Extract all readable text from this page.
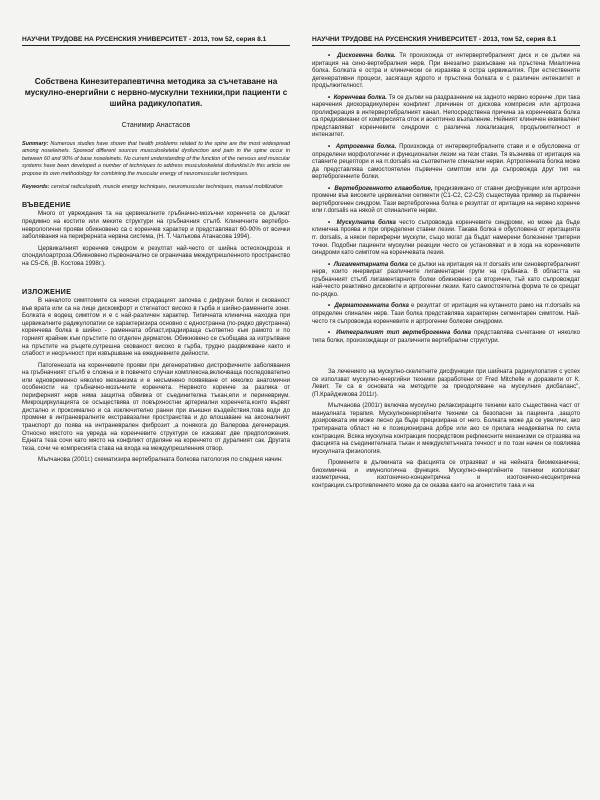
НАУЧНИ ТРУДОВЕ НА РУСЕНСКИЯ УНИВЕРСИТЕТ - 2013, том 52, серия 8.1
Собствена Кинезитерапевтична методика за съчетаване на мускулно-енергийни с нервно-мускулни техники,при пациенти с шийна радикулопатия.
Станимир Анастасов
Summary: Numerous studies have shown that health problems related to the spine are the most widespread among noseleinets. Sporeod different sources musculoskeletal dysfunction and pain in the spine occur in between 60 and 90% of base noseleinets. No current understanding of the function of the nervous and muscular systems have been developed a number of techniques to address musculoskeletal disfunktsii.In this article we propose its own methodology for combining the muscular energy of neuromuscular techniques.
Keywords: cervical radiculopath, muscle energy techniques, neuromuscular techniques, manual mobilization
ВЪВЕДЕНИЕ

Много от увреждания та на цервикалните гръбначно-мозъчни коренчета се дължат предимно на костите или меките структури на гръбначния стълб. Клиничните вертебро-неврологични прояви обикновено са с коренчев характер и представляват 60-90% от всички заболявания на периферната нервна система, (Н. Т. Чалъкова Атанасова 1994).

Цервикалният коренчев синдром е резултат най-често от шийна остеохондроза и спондилоартроза.Обикновено първоначално се ограничава междупрешленното пространство на С5-С6, (В. Костова 1998г.).

ИЗЛОЖЕНИЕ

В началото симптомите са неясни страдащият започва с дифузни болки и скованост във врата или са на лице дискомфорт и стегнатост високо в гърба и шийно-раменните зони. Болката е водещ симптом и е с най-различен характер. Типичната клинична находка при цервикалните радикулопатии се характеризира основно с едностранна (по-рядко двустранна) коренчева болка в шийно - раменната област,ирадиираща съответно към рамото и по горният крайник към пръстите по отделен дерматом. Обикновено се съобщава за изтръпване на пръстите на ръцете,сутрешна скованост високо в гърба, трудно раздвижване както и слабост и несръчност при извършване на ежедневните дейности.

Патогенезата на коренчевите прояви при дегенеративно дистрофичните заболявания на гръбначният стълб е сложна и в повечето случаи комплексна,включваща последователно или едновременно няколко механизма и е несъмнено появяване от няколко анатомични особености на гръбначно-мозъчните коренчета. Нервното коренче за разлика от периферният нерв няма защитна обвивка от съединителна тъкан,епи и периневриум. Микроциркулацията се осъществява от повърхностни артериални коренчета,които вървят дистално и проксимално и са изключително ранни при външни въздействия,това води до промени в интраневралните екстравазални пространства и до влошаване на аксоналният транспорт до поява на интраневрален фиброзит ,а понякога до Валерова дегенерация. Относно мястото на увреда на коренчевите структури се изказват две предположения. Едната теза сочи като място на конфликт отделяне на коренчето от дуралният сак. Другата теза, сочи че компресията става на входа на междупрешленния отвор.

Мълчанова (2001г.) схематизира вертебралната болкова патология по следния начин:

НАУЧНИ ТРУДОВЕ НА РУСЕНСКИЯ УНИВЕРСИТЕТ - 2013, том 52, серия 8.1
•  Дискогенна болка. Тя произхожда от интервертебралният диск и се дължи на иритация на сино-вертебралния нерв. При внезапно разкъсване на пръстена Миалгична болка. Болката е остра и клинически се изразява в остра цервикалгия. При естествените дегенеративни процеси, засягащи ядрото и пръстена болката е с различен интензитет и продължителност.
•  Коренчева болка. Тя се дължи на раздразнение на задното нервно коренче ,при така наречения дискорадикулерен конфликт ,причинен от дискова компресия или артрозна пролиферация в интервертебралният канал. Непосредствена причина за коренчевата болка са предизвикани от компресията оток и асептично възпаление. Нейният клиничен еквивалент представляват коренчевите синдроми с различна локализация, продължителност и интензитет.
•  Артрогенна болка. Произхожда от интервертебралните стави и е обусловена от определени морфологични и функционални лезии на тези стави. Тя възниква от иритация на ставните рецептори и на rr.dorsalis на съответните спинални нерви. Артрогенната болка може да представлява самостоятелен първичен симптом или да съпровожда друг тип на вертеброгенните болки.
•  Вертеброгенното главоболие, предизвикано от ставни дисфункции или артрозни промени във високите цервикални сегменти (С1-С2, С2-С3) съществува пример за първичен вертеброгенен синдром. Тази вертеброгенна болка е резултат от иритация на нервно коренче или r.dorsalis на някой от спиналните нерви.
•  Мускулната болка често съпровожда коренчевите синдроми, но може да бъде клинична проява и при определени ставни лезии. Такава болка е обусловена от иритацията rr. dorsalis, а някои периферни мускули, също могат да бъдат намерени болезнени тригерни точки. Подобни пациенти мускулни реакции често се установяват и в хода на коренчевите синдроми като симптом на коренчевата лезия.
•  Лигаментарната болка се дължи на иритация на rr dorsalis или синовертебралният нерв, които инервират различните лигаментарни групи на гръбнака. В областта на гръбначният стълб лигаментарните болки обикновено са вторични, тъй като съпровождат най-често реактивно дисковите и артрогенни лезии. Като самостоятелна форма те се срещат по-рядко.
•  Дерматогенната болка е резултат от иритация на кутанното рамо на rr.dorsalis на определен спинален нерв. Тази болка представлява характерен сегментарен симптом. Най-често тя съпровожда коренчевите и артрогенни болкови синдроми.
•  Интегралният тип вертеброгенна болка представлява съчетание от няколко типа болки, произхождащи от различните вертебрални структури.

За лечението на мускулно-скелетните дисфункции при шийната радикулопатия с успех се използват мускулно-енергийни техники разработени от Fred Mitchelle и доразвити от К. Левит. Те са в основата на методите за преодоляване на мускулния дисбаланс", (П.Крайджикова 2011г).

Мълчанова (2001г) включва мускулно релаксиращите техники като съществена част от мануалната терапия. Мускулноенергийните техники са безопасни за пациента ,защото дозировката им може лесно да бъде прецизирана от него. Болката може да се увеличи, ако третираната област не е позиционирана добре или ако се прилага неадекватна по сила контракция. Всяка мускулна контракция посредством рефлексните механизми се отразява на фасцията на съединителната тъкан и междуклетъчната течност и по този начин се повлиява мускулната физиология.

Промените в дължината на фасцията се отразяват и на нейната биомеханична, биохимична и имунологична функция. Мускулно-енергийните техники използват изометрична, изотонично-концентрична и изотонично-ексцентрична контракции.съпротивлението може да се оказва както на агонистите така и на
